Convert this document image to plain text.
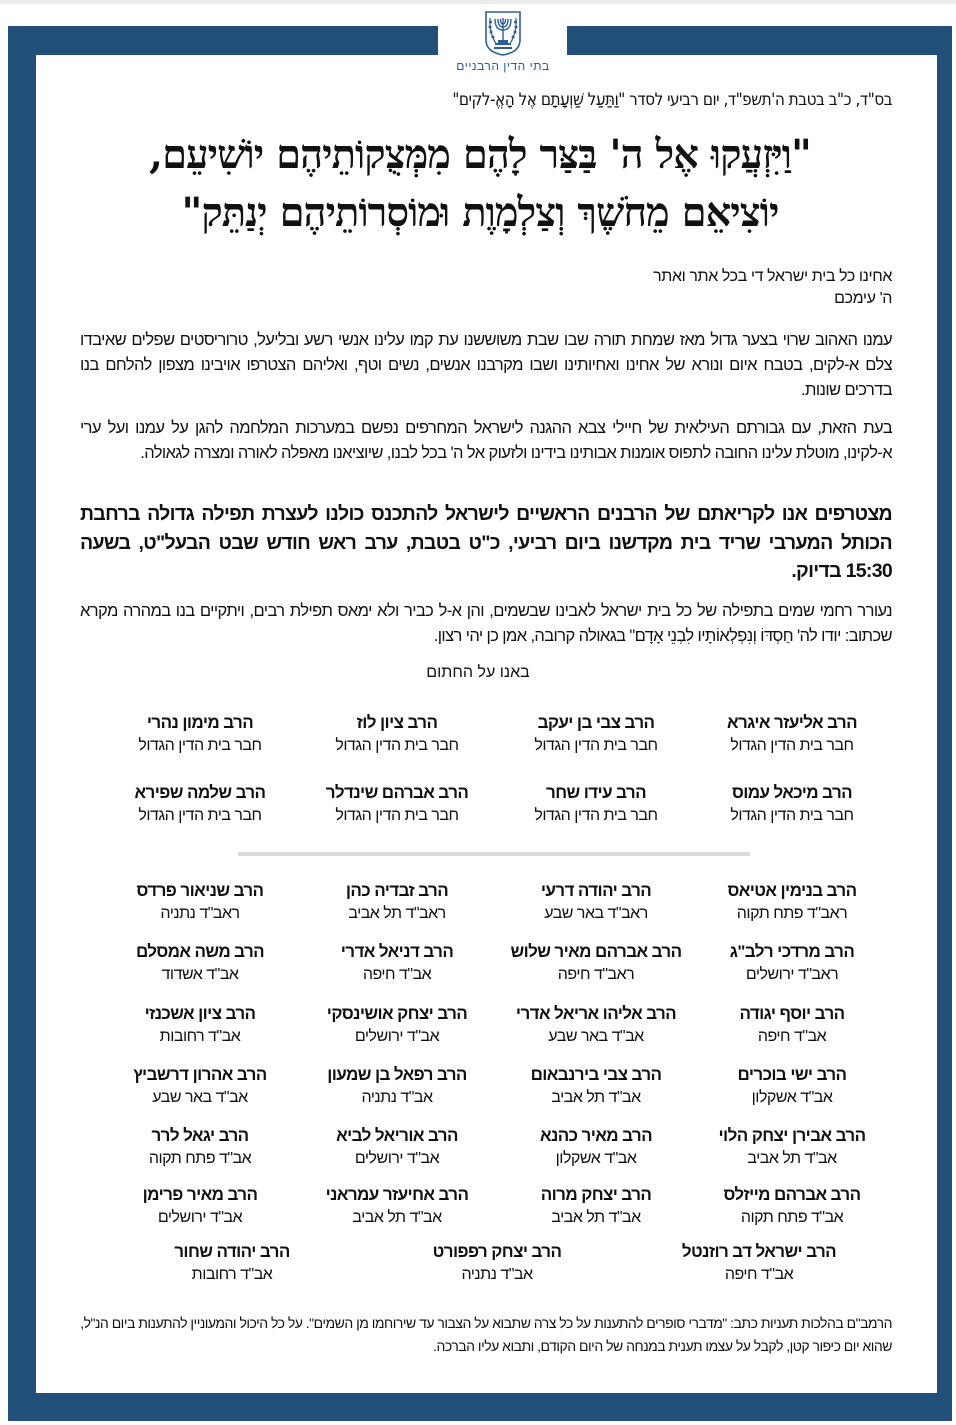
בתי הדין הרבניים
בס"ד, כ"ב בטבת ה'תשפ"ד, יום רביעי לסדר "וַתַּעַל שַׁוְעָתָם אֶל הָאֱ-לקים"
"וַיִּזְעֲקוּ אֶל ה' בַּצַּר לָהֶם מִמְּצֻקוֹתֵיהֶם יוֹשִׁיעֵם,
יוֹצִיאֵם מֵחֹשֶׁךְ וְצַלְמָוֶת וּמוֹסְרוֹתֵיהֶם יְנַתֵּק"
אחינו כל בית ישראל די בכל אתר ואתר
ה' עימכם
עמנו האהוב שרוי בצער גדול מאז שמחת תורה שבו שבת משוששנו עת קמו עלינו אנשי רשע ובליעל, טרוריסטים שפלים שאיבדו צלם א-לקים, בטבח איום ונורא של אחינו ואחיותינו ושבו מקרבנו אנשים, נשים וטף, ואליהם הצטרפו אויבינו מצפון להלחם בנו בדרכים שונות.
בעת הזאת, עם גבורתם העילאית של חיילי צבא ההגנה לישראל המחרפים נפשם במערכות המלחמה להגן על עמנו ועל ערי א-לקינו, מוטלת עלינו החובה לתפוס אומנות אבותינו בידינו ולזעוק אל ה' בכל לבנו, שיוציאנו מאפלה לאורה ומצרה לגאולה.
מצטרפים אנו לקריאתם של הרבנים הראשיים לישראל להתכנס כולנו לעצרת תפילה גדולה ברחבת הכותל המערבי שריד בית מקדשנו ביום רביעי, כ"ט בטבת, ערב ראש חודש שבט הבעל"ט, בשעה 15:30 בדיוק.
נעורר רחמי שמים בתפילה של כל בית ישראל לאבינו שבשמים, והן א-ל כביר ולא ימאס תפילת רבים, ויתקיים בנו במהרה מקרא שכתוב: יודו לה' חַסְדּוֹ וְנִפְלְאוֹתָיו לִבְנֵי אָדָם" בגאולה קרובה, אמן כן יהי רצון.
באנו על החתום
הרב אליעזר איגרא
חבר בית הדין הגדול
הרב צבי בן יעקב
חבר בית הדין הגדול
הרב ציון לוז
חבר בית הדין הגדול
הרב מימון נהרי
חבר בית הדין הגדול
הרב מיכאל עמוס
חבר בית הדין הגדול
הרב עידו שחר
חבר בית הדין הגדול
הרב אברהם שינדלר
חבר בית הדין הגדול
הרב שלמה שפירא
חבר בית הדין הגדול
הרב בנימין אטיאס
ראב"ד פתח תקוה
הרב יהודה דרעי
ראב"ד באר שבע
הרב זבדיה כהן
ראב"ד תל אביב
הרב שניאור פרדס
ראב"ד נתניה
הרב מרדכי רלב"ג
ראב"ד ירושלים
הרב אברהם מאיר שלוש
ראב"ד חיפה
הרב דניאל אדרי
אב"ד חיפה
הרב משה אמסלם
אב"ד אשדוד
הרב יוסף יגודה
אב"ד חיפה
הרב אליהו אריאל אדרי
אב"ד באר שבע
הרב יצחק אושינסקי
אב"ד ירושלים
הרב ציון אשכנזי
אב"ד רחובות
הרב ישי בוכרים
אב"ד אשקלון
הרב צבי בירנבאום
אב"ד תל אביב
הרב רפאל בן שמעון
אב"ד נתניה
הרב אהרון דרשביץ
אב"ד באר שבע
הרב אבירן יצחק הלוי
אב"ד תל אביב
הרב מאיר כהנא
אב"ד אשקלון
הרב אוריאל לביא
אב"ד ירושלים
הרב יגאל לרר
אב"ד פתח תקוה
הרב אברהם מייזלס
אב"ד פתח תקוה
הרב יצחק מרוה
אב"ד תל אביב
הרב אחיעזר עמראני
אב"ד תל אביב
הרב מאיר פרימן
אב"ד ירושלים
הרב ישראל דב רוזנטל
אב"ד חיפה
הרב יצחק רפפורט
אב"ד נתניה
הרב יהודה שחור
אב"ד רחובות
הרמב"ם בהלכות תעניות כתב: "מדברי סופרים להתענות על כל צרה שתבוא על הצבור עד שירוחמו מן השמים". על כל היכול והמעוניין להתענות ביום הנ"ל, שהוא יום כיפור קטן, לקבל על עצמו תענית במנחה של היום הקודם, ותבוא עליו הברכה.
